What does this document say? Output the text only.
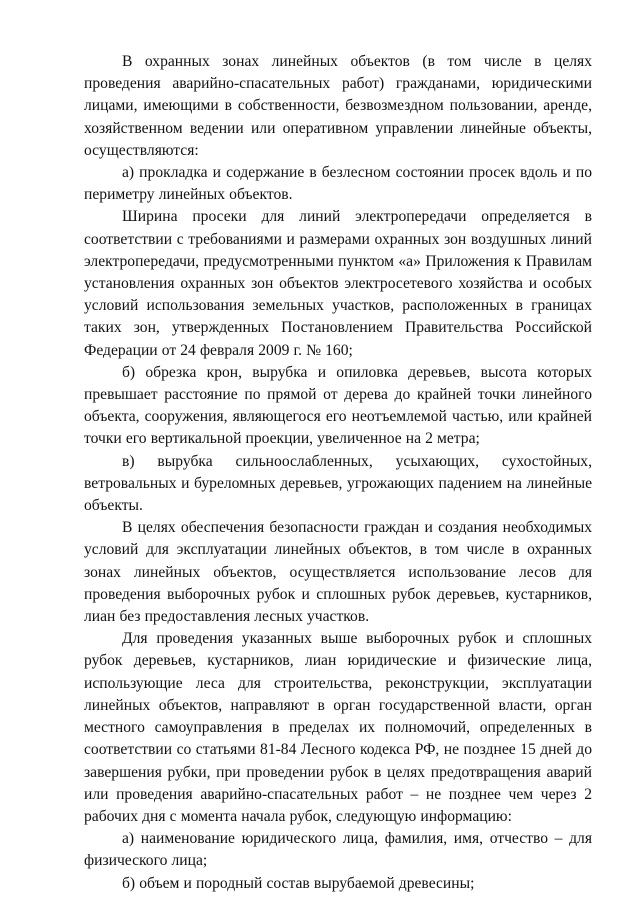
В охранных зонах линейных объектов (в том числе в целях проведения аварийно-спасательных работ) гражданами, юридическими лицами, имеющими в собственности, безвозмездном пользовании, аренде, хозяйственном ведении или оперативном управлении линейные объекты, осуществляются:

а) прокладка и содержание в безлесном состоянии просек вдоль и по периметру линейных объектов.

Ширина просеки для линий электропередачи определяется в соответствии с требованиями и размерами охранных зон воздушных линий электропередачи, предусмотренными пунктом «а» Приложения к Правилам установления охранных зон объектов электросетевого хозяйства и особых условий использования земельных участков, расположенных в границах таких зон, утвержденных Постановлением Правительства Российской Федерации от 24 февраля 2009 г. № 160;

б) обрезка крон, вырубка и опиловка деревьев, высота которых превышает расстояние по прямой от дерева до крайней точки линейного объекта, сооружения, являющегося его неотъемлемой частью, или крайней точки его вертикальной проекции, увеличенное на 2 метра;

в) вырубка сильноослабленных, усыхающих, сухостойных, ветровальных и буреломных деревьев, угрожающих падением на линейные объекты.

В целях обеспечения безопасности граждан и создания необходимых условий для эксплуатации линейных объектов, в том числе в охранных зонах линейных объектов, осуществляется использование лесов для проведения выборочных рубок и сплошных рубок деревьев, кустарников, лиан без предоставления лесных участков.

Для проведения указанных выше выборочных рубок и сплошных рубок деревьев, кустарников, лиан юридические и физические лица, использующие леса для строительства, реконструкции, эксплуатации линейных объектов, направляют в орган государственной власти, орган местного самоуправления в пределах их полномочий, определенных в соответствии со статьями 81-84 Лесного кодекса РФ, не позднее 15 дней до завершения рубки, при проведении рубок в целях предотвращения аварий или проведения аварийно-спасательных работ – не позднее чем через 2 рабочих дня с момента начала рубок, следующую информацию:

а) наименование юридического лица, фамилия, имя, отчество – для физического лица;

б) объем и породный состав вырубаемой древесины;
